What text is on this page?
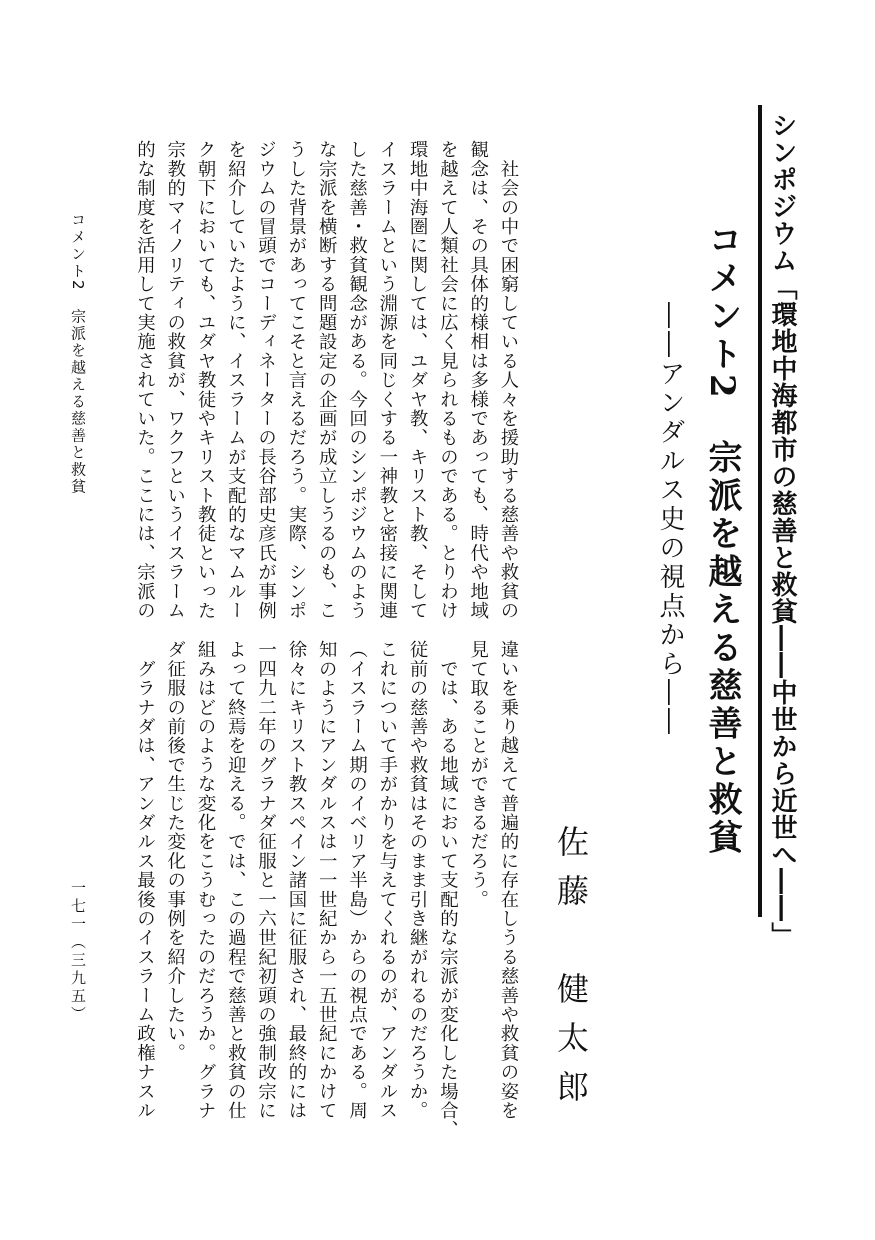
シンポジウム「環地中海都市の慈善と救貧――中世から近世へ――」
コメント2　宗派を越える慈善と救貧
――アンダルス史の視点から――
佐藤　健太郎

　社会の中で困窮している人々を援助する慈善や救貧の

観念は、その具体的様相は多様であっても、時代や地域

を越えて人類社会に広く見られるものである。とりわけ

環地中海圏に関しては、ユダヤ教、キリスト教、そして

イスラームという淵源を同じくする一神教と密接に関連

した慈善・救貧観念がある。今回のシンポジウムのよう

な宗派を横断する問題設定の企画が成立しうるのも、こ

うした背景があってこそと言えるだろう。実際、シンポ

ジウムの冒頭でコーディネーターの長谷部史彦氏が事例

を紹介していたように、イスラームが支配的なマムルー

ク朝下においても、ユダヤ教徒やキリスト教徒といった

宗教的マイノリティの救貧が、ワクフというイスラーム

的な制度を活用して実施されていた。ここには、宗派の

違いを乗り越えて普遍的に存在しうる慈善や救貧の姿を

見て取ることができるだろう。

　では、ある地域において支配的な宗派が変化した場合、

従前の慈善や救貧はそのまま引き継がれるのだろうか。

これについて手がかりを与えてくれるのが、アンダルス

（イスラーム期のイベリア半島）からの視点である。周

知のようにアンダルスは一一世紀から一五世紀にかけて

徐々にキリスト教スペイン諸国に征服され、最終的には

一四九二年のグラナダ征服と一六世紀初頭の強制改宗に

よって終焉を迎える。では、この過程で慈善と救貧の仕

組みはどのような変化をこうむったのだろうか。グラナ

ダ征服の前後で生じた変化の事例を紹介したい。

　グラナダは、アンダルス最後のイスラーム政権ナスル

コメント2　宗派を越える慈善と救貧
一七一（三九五）
